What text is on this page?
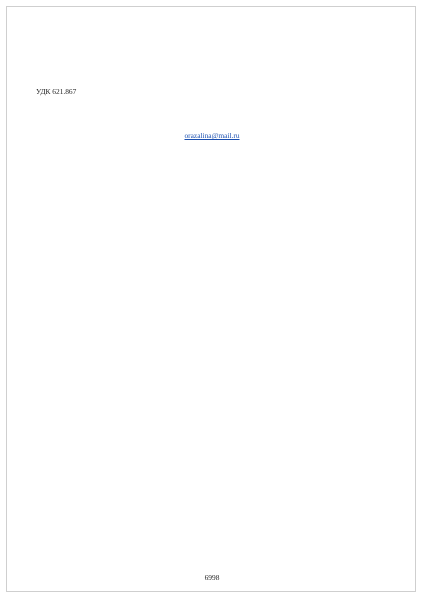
УДК 621.867
orazalina@mail.ru

6998
